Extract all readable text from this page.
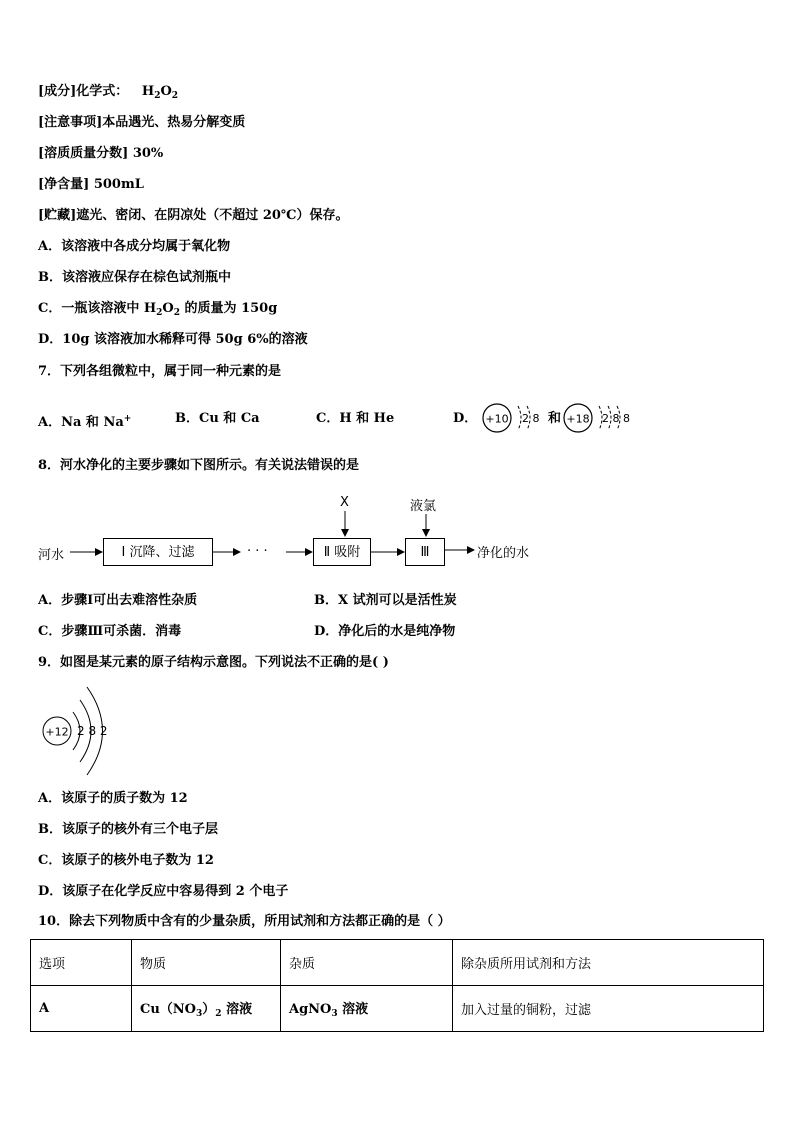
[成分]化学式： $H_2O_2$
[注意事项]本品遇光、热易分解变质
[溶质质量分数] 30%
[净含量] 500mL
[贮藏]遮光、密闭、在阴凉处（不超过 20℃）保存。
A．该溶液中各成分均属于氧化物
B．该溶液应保存在棕色试剂瓶中
C．一瓶该溶液中 $H_2O_2$ 的质量为 150g
D．10g 该溶液加水稀释可得 50g 6%的溶液
7．下列各组微粒中，属于同一种元素的是
A．Na 和 Na+	B．Cu 和 Ca	C．H 和 He	D． +10 2 8 和 +18 2 8 8
8．河水净化的主要步骤如下图所示。有关说法错误的是
河水	Ⅰ 沉降、过滤	· · ·	Ⅱ 吸附	Ⅲ
X	液氯
净化的水
A．步骤Ⅰ可出去难溶性杂质	B．X 试剂可以是活性炭
C．步骤Ⅲ可杀菌．消毒	D．净化后的水是纯净物
9．如图是某元素的原子结构示意图。下列说法不正确的是( )
+12 2 8 2
A．该原子的质子数为 12
B．该原子的核外有三个电子层
C．该原子的核外电子数为 12
D．该原子在化学反应中容易得到 2 个电子
10．除去下列物质中含有的少量杂质，所用试剂和方法都正确的是（ ）
选项	物质	杂质	除杂质所用试剂和方法
A	$Cu(NO_3)_2$ 溶液	AgNO$_3$ 溶液	加入过量的铜粉，过滤
